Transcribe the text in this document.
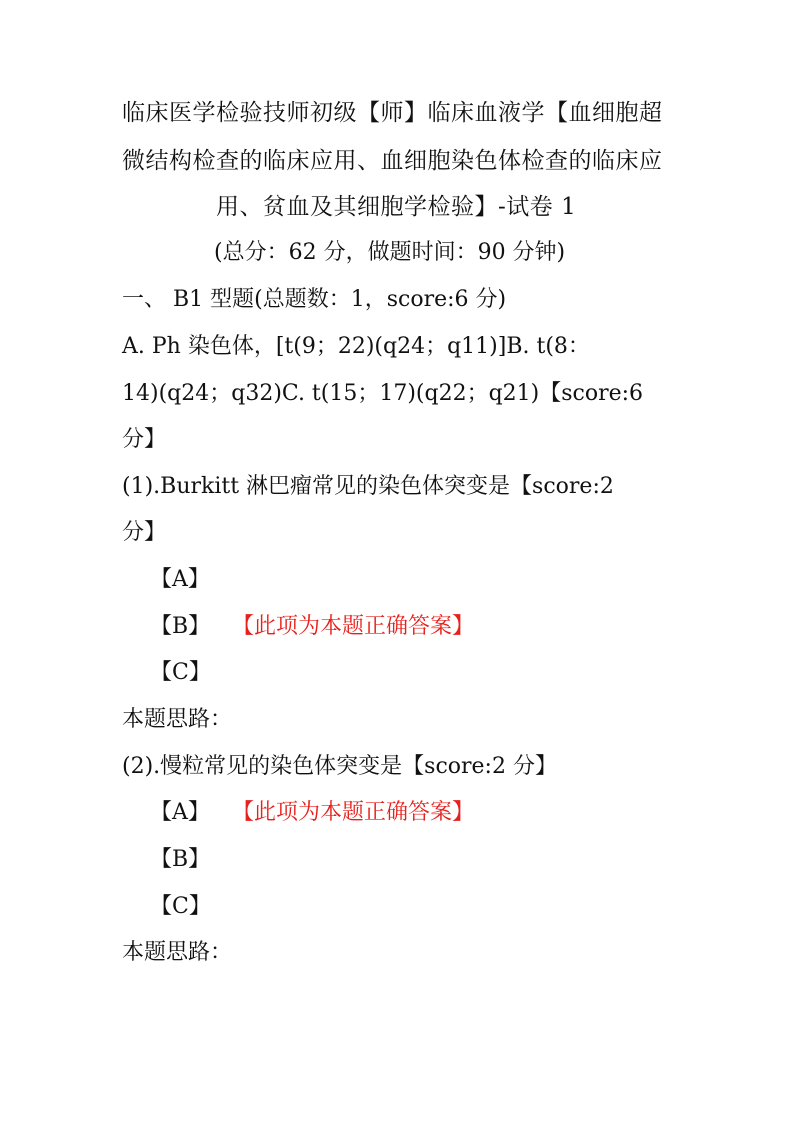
临床医学检验技师初级【师】临床血液学【血细胞超
微结构检查的临床应用、血细胞染色体检查的临床应
用、贫血及其细胞学检验】-试卷 1
(总分：62 分，做题时间：90 分钟)
一、 B1 型题(总题数：1，score:6 分)
A. Ph 染色体，[t(9；22)(q24；q11)]B. t(8：
14)(q24；q32)C. t(15；17)(q22；q21)【score:6
分】
(1).Burkitt 淋巴瘤常见的染色体突变是【score:2
分】
【A】
【B】 【此项为本题正确答案】
【C】
本题思路：
(2).慢粒常见的染色体突变是【score:2 分】
【A】 【此项为本题正确答案】
【B】
【C】
本题思路：
